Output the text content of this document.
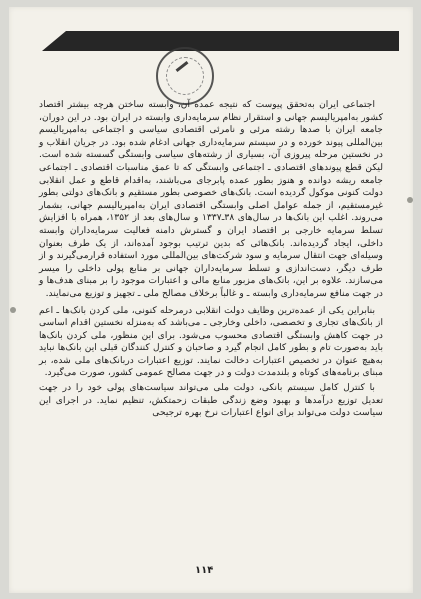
اجتماعی ایران به‌تحقق پیوست که نتیجه عمده آن، وابسته ساختن هرچه بیشتر اقتصاد کشور به‌امپریالیسم جهانی و استقرار نظام سرمایه‌داری وابسته در ایران بود. در این دوران، جامعه ایران با صدها رشته مرئی و نامرئی اقتصادی سیاسی و اجتماعی به‌امپریالیسم بین‌المللی پیوند خورده و در سیستم سرمایه‌داری جهانی ادغام شده بود. در جریان انقلاب و در نخستین مرحله پیروزی آن، بسیاری از رشته‌های سیاسی وابستگی گسسته شده است. لیکن قطع پیوندهای اقتصادی ـ اجتماعی وابستگی که تا عمق مناسبات اقتصادی ـ اجتماعی جامعه ریشه دوانده و هنوز بطور عمده پابرجای می‌باشند، به‌اقدام قاطع و عمل انقلابی دولت کنونی موکول گردیده است. بانک‌های خصوصی بطور مستقیم و بانک‌های دولتی بطور غیرمستقیم، از جمله عوامل اصلی وابستگی اقتصادی ایران به‌امپریالیسم جهانی، بشمار می‌روند. اغلب این بانک‌ها در سال‌های ۳۸ـ۱۳۳۷ و سال‌های بعد از ۱۳۵۲، همراه با افزایش تسلط سرمایه خارجی بر اقتصاد ایران و گسترش دامنه فعالیت سرمایه‌داران وابسته داخلی، ایجاد گردیده‌اند. بانک‌هائی که بدین ترتیب بوجود آمده‌اند، از یک طرف بعنوان وسیله‌ای جهت انتقال سرمایه و سود شرکت‌های بین‌المللی مورد استفاده قرارمی‌گیرند و از طرف دیگر، دست‌اندازی و تسلط سرمایه‌داران جهانی بر منابع پولی داخلی را میسر می‌سازند. علاوه بر این، بانک‌های مزبور منابع مالی و اعتبارات موجود را بر مبنای هدف‌ها و در جهت منافع سرمایه‌داری وابسته ـ و غالباً برخلاف مصالح ملی ـ تجهیز و توزیع می‌نمایند.

بنابراین یکی از عمده‌ترین وظایف دولت انقلابی درمرحله کنونی، ملی کردن بانک‌ها ـ اعم از بانک‌های تجاری و تخصصی، داخلی وخارجی ـ می‌باشد که به‌منزله نخستین اقدام اساسی در جهت کاهش وابستگی اقتصادی محسوب می‌شود. برای این منظور، ملی کردن بانک‌ها باید به‌صورت تام و بطور کامل انجام گیرد و صاحبان و کنترل کنندگان قبلی این بانک‌ها نباید به‌هیچ عنوان در تخصیص اعتبارات دخالت نمایند. توزیع اعتبارات دربانک‌های ملی شده، بر مبنای برنامه‌های کوتاه و بلندمدت دولت و در جهت مصالح عمومی کشور، صورت می‌گیرد.

با کنترل کامل سیستم بانکی، دولت ملی می‌تواند سیاست‌های پولی خود را در جهت تعدیل توزیع درآمدها و بهبود وضع زندگی طبقات زحمتکش، تنظیم نماید. در اجرای این سیاست دولت می‌تواند برای انواع اعتبارات نرخ بهره ترجیحی

۱۱۴
